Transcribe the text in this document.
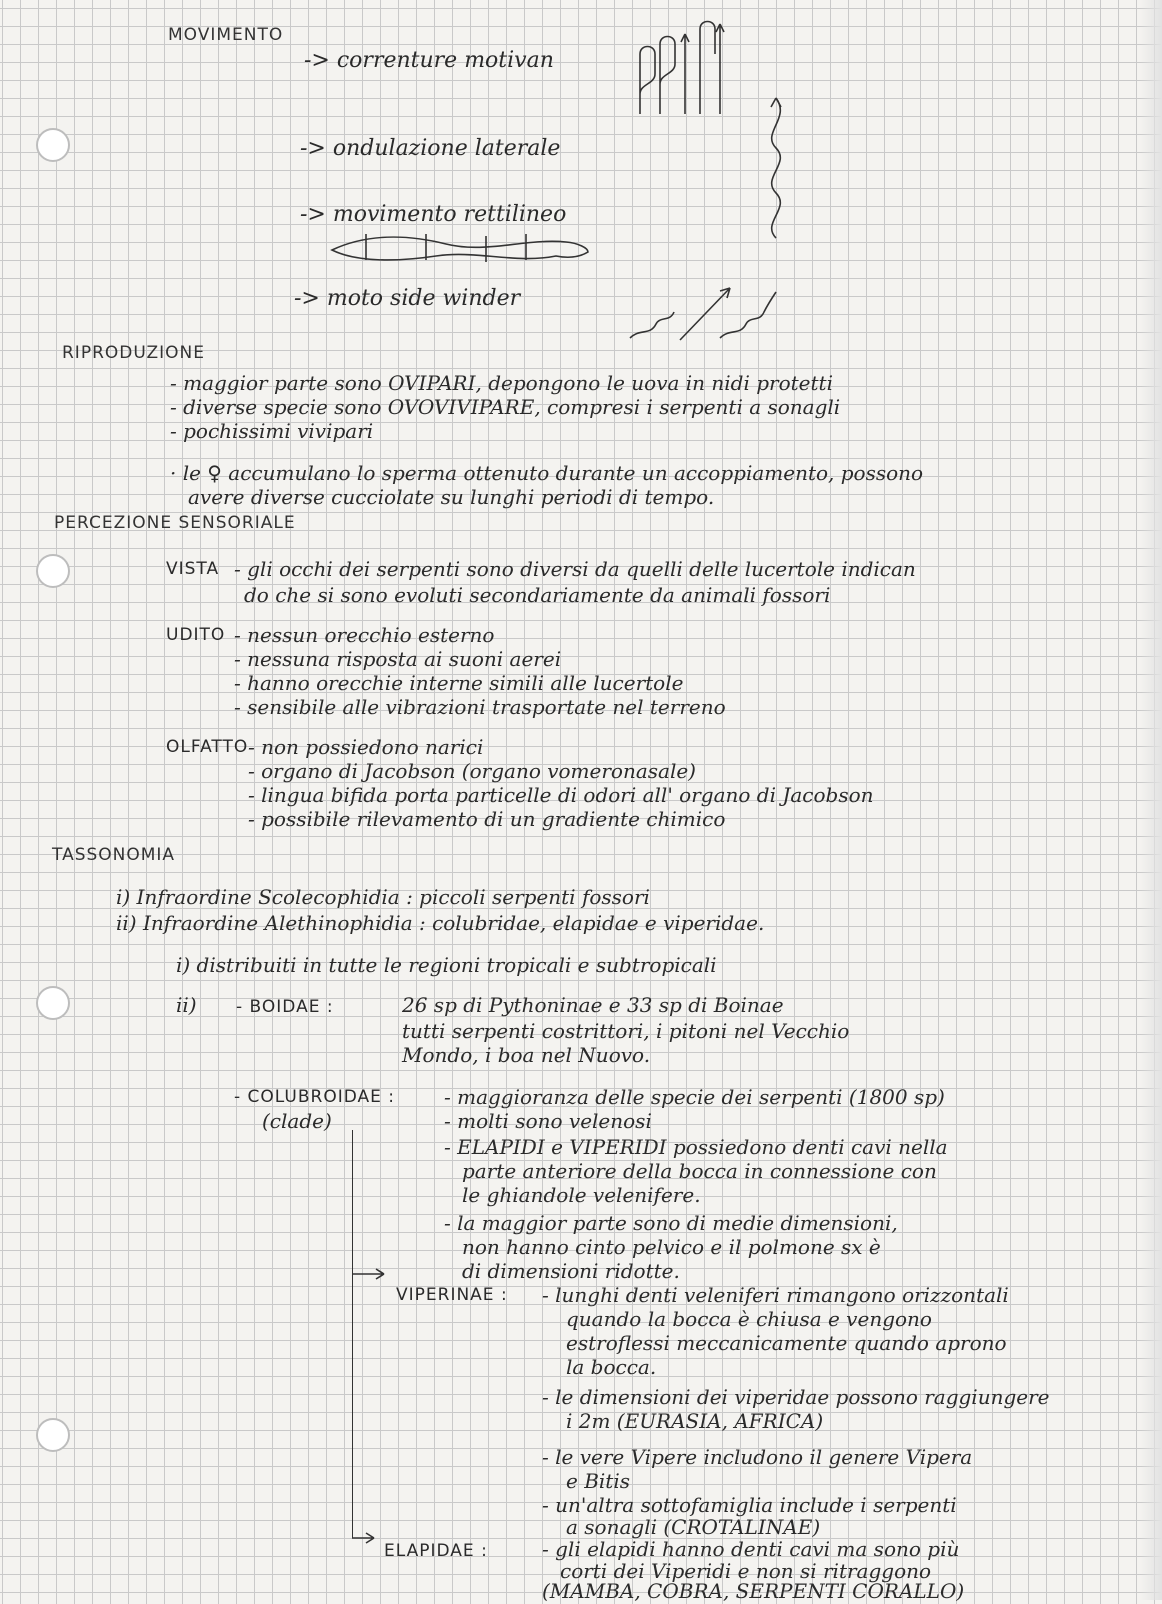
MOVIMENTO
-> correnture motivan
-> ondulazione laterale
-> movimento rettilineo
-> moto side winder
RIPRODUZIONE
- maggior parte sono OVIPARI, depongono le uova in nidi protetti
- diverse specie sono OVOVIVIPARE, compresi i serpenti a sonagli
- pochissimi vivipari
· le ♀ accumulano lo sperma ottenuto durante un accoppiamento, possono
avere diverse cucciolate su lunghi periodi di tempo.
PERCEZIONE SENSORIALE
VISTA - gli occhi dei serpenti sono diversi da quelli delle lucertole indican
do che si sono evoluti secondariamente da animali fossori
UDITO - nessun orecchio esterno
- nessuna risposta ai suoni aerei
- hanno orecchie interne simili alle lucertole
- sensibile alle vibrazioni trasportate nel terreno
OLFATTO - non possiedono narici
- organo di Jacobson (organo vomeronasale)
- lingua bifida porta particelle di odori all' organo di Jacobson
- possibile rilevamento di un gradiente chimico
TASSONOMIA
i) Infraordine Scolecophidia : piccoli serpenti fossori
ii) Infraordine Alethinophidia : colubridae, elapidae e viperidae.
i) distribuiti in tutte le regioni tropicali e subtropicali
ii) - BOIDAE :	26 sp di Pythoninae e 33 sp di Boinae
tutti serpenti costrittori, i pitoni nel Vecchio
Mondo, i boa nel Nuovo.
- COLUBROIDAE :
(clade)
- maggioranza delle specie dei serpenti (1800 sp)
- molti sono velenosi
- ELAPIDI e VIPERIDI possiedono denti cavi nella
parte anteriore della bocca in connessione con
le ghiandole velenifere.
- la maggior parte sono di medie dimensioni,
non hanno cinto pelvico e il polmone sx è
di dimensioni ridotte.
VIPERINAE : - lunghi denti veleniferi rimangono orizzontali
quando la bocca è chiusa e vengono
estroflessi meccanicamente quando aprono
la bocca.
- le dimensioni dei viperidae possono raggiungere
i 2m (EURASIA, AFRICA)
- le vere Vipere includono il genere Vipera
e Bitis
- un'altra sottofamiglia include i serpenti
a sonagli (CROTALINAE)
ELAPIDAE :	- gli elapidi hanno denti cavi ma sono più
corti dei Viperidi e non si ritraggono
(MAMBA, COBRA, SERPENTI CORALLO)
